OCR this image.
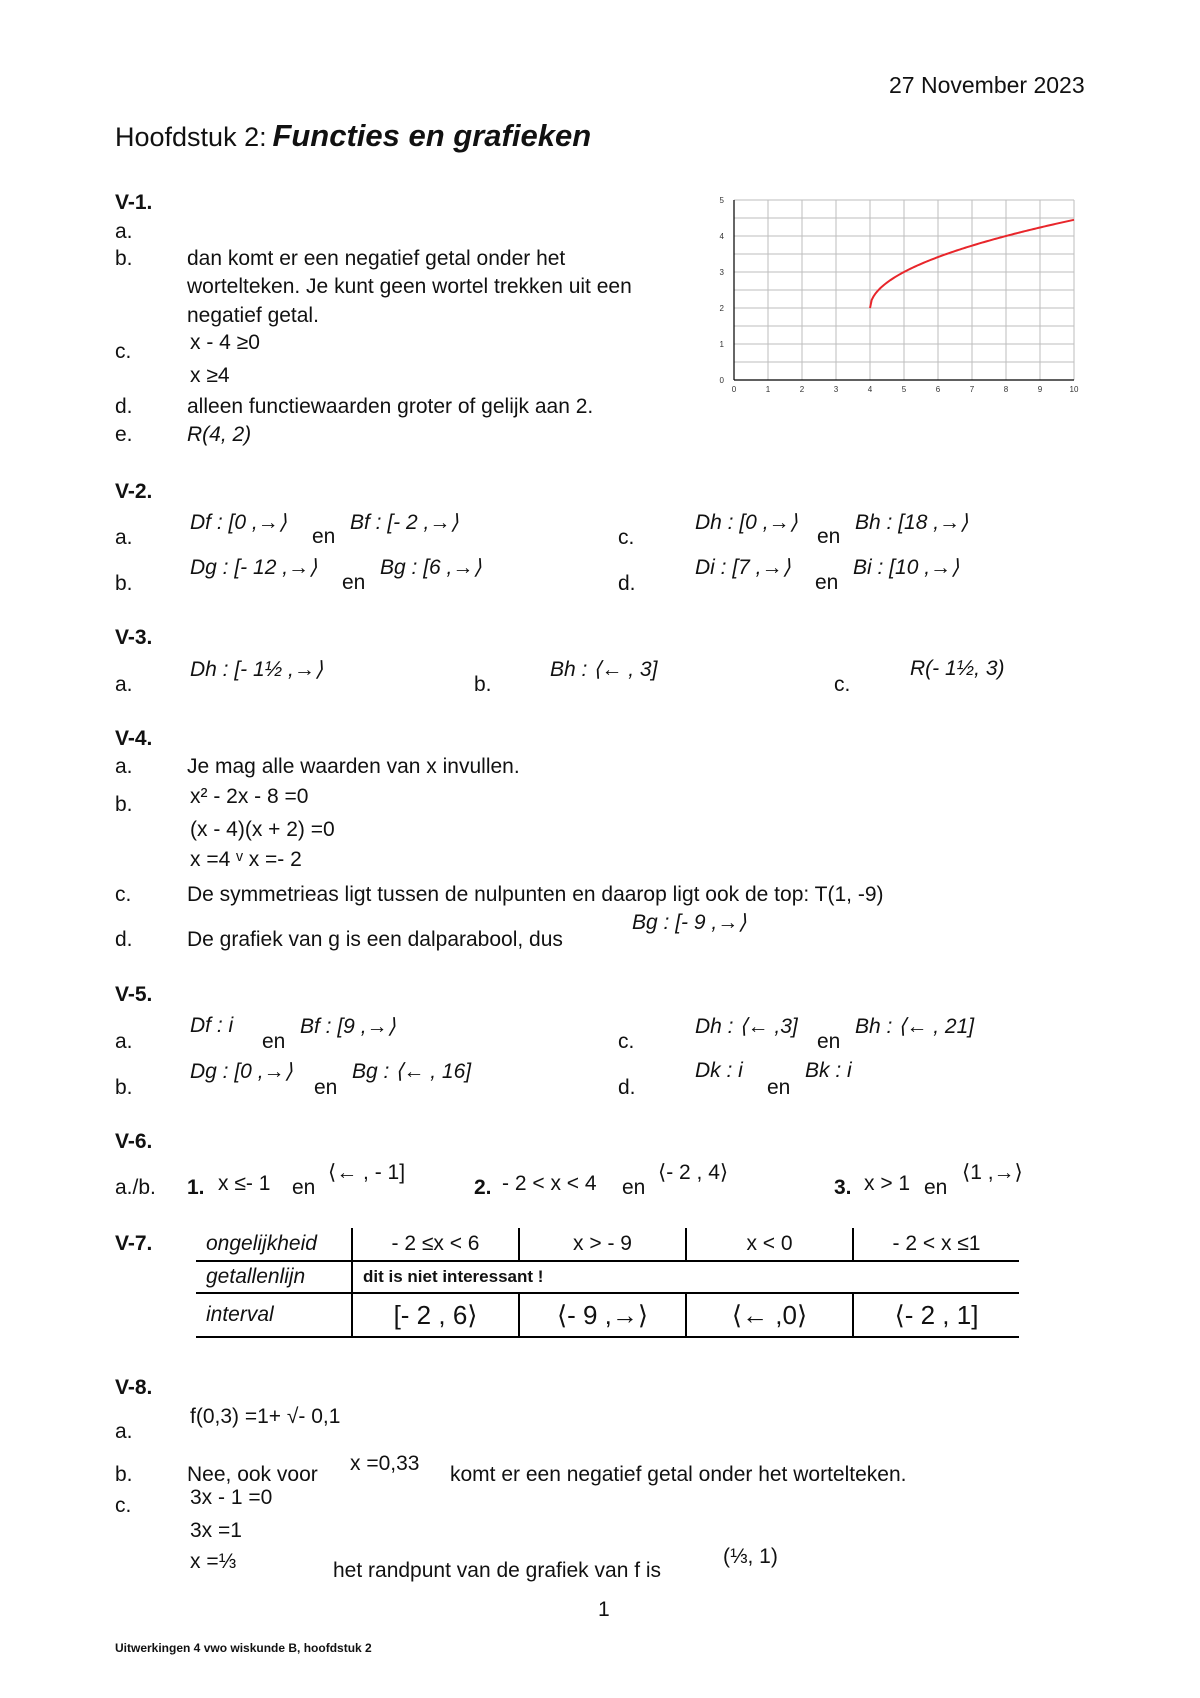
27 November 2023
Hoofdstuk 2: Functies en grafieken
V-1.
a.
b.	dan komt er een negatief getal onder het
wortelteken. Je kunt geen wortel trekken uit een
negatief getal.
c.	x - 4 ≥0
x ≥4
d.	alleen functiewaarden groter of gelijk aan 2.
e.	R(4, 2)
0	1	2	3	4	5	6	7	8	9	10
0
1
2
3
4
5
V-2.
a.
Df : [0 ,→⟩
en
Bf : [- 2 ,→⟩
b.
Dg : [- 12 ,→⟩
en
Bg : [6 ,→⟩
c.
Dh : [0 ,→⟩
en
Bh : [18 ,→⟩
d.
Di : [7 ,→⟩
en
Bi : [10 ,→⟩
V-3.
a.
Dh : [- 1½ ,→⟩
b.
Bh : ⟨← , 3]
c.
R(- 1½, 3)
V-4.
a.	Je mag alle waarden van x invullen.
b.	x² - 2x - 8 =0
(x - 4)(x + 2) =0
x =4 ᵛ x =- 2
c.	De symmetrieas ligt tussen de nulpunten en daarop ligt ook de top: T(1, -9)
d.	De grafiek van g is een dalparabool, dus
Bg : [- 9 ,→⟩
V-5.
a.
Df : i
en
Bf : [9 ,→⟩
b.
Dg : [0 ,→⟩
en
Bg : ⟨← , 16]
c.
Dh : ⟨← ,3]
en
Bh : ⟨← , 21]
d.
Dk : i
en
Bk : i
V-6.
a./b. 1. x ≤- 1 en
⟨← , - 1]
2. - 2 < x < 4 en
⟨- 2 , 4⟩
3. x > 1 en
⟨1 ,→⟩
V-7.	ongelijkheid	- 2 ≤x < 6	x > - 9	x < 0	- 2 < x ≤1
getallenlijn	dit is niet interessant !			
interval	[- 2 , 6⟩	⟨- 9 ,→⟩	⟨← ,0⟩	⟨- 2 , 1]
V-8.
a.
f(0,3) =1+ √- 0,1
b.	Nee, ook voor x =0,33 komt er een negatief getal onder het wortelteken.
c.	3x - 1 =0
3x =1
x =⅓	het randpunt van de grafiek van f is
(⅓, 1)
1
Uitwerkingen 4 vwo wiskunde B, hoofdstuk 2
